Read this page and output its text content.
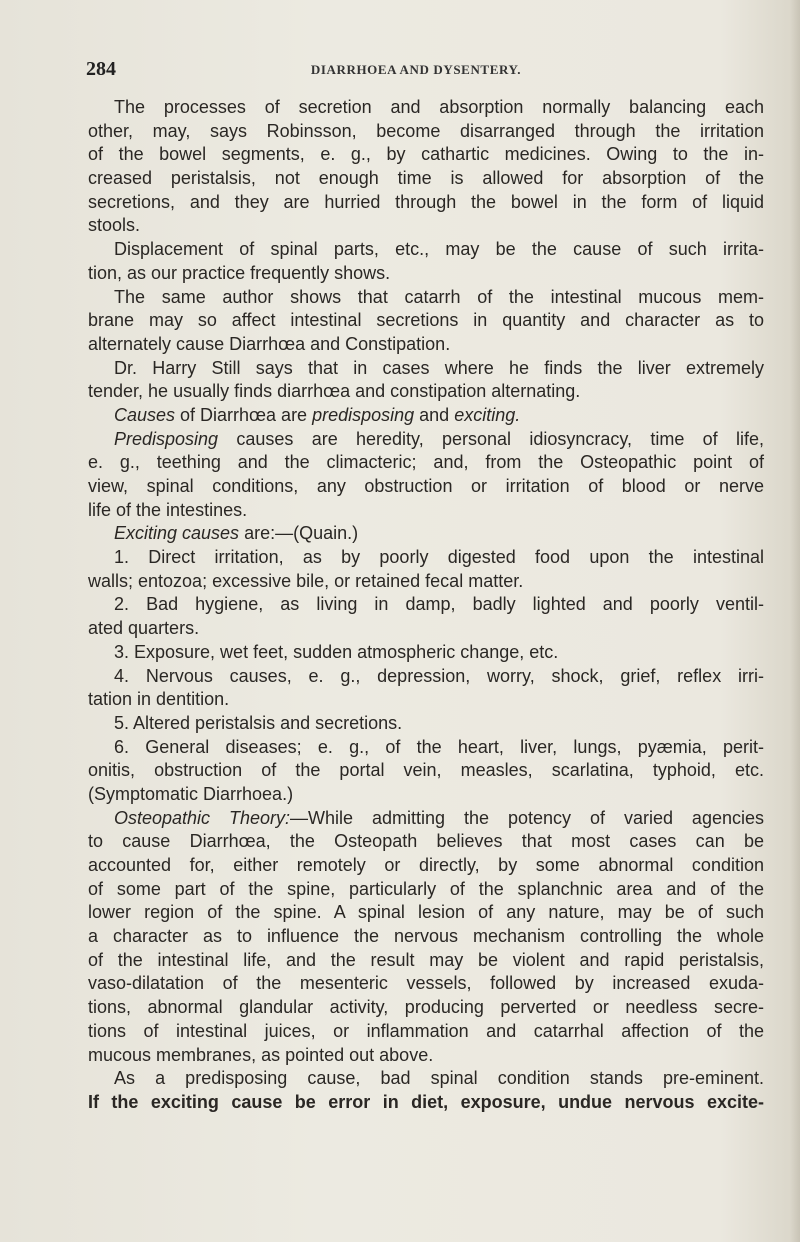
284	DIARRHOEA AND DYSENTERY.
The processes of secretion and absorption normally balancing each
other, may, says Robinsson, become disarranged through the irritation
of the bowel segments, e. g., by cathartic medicines. Owing to the in-
creased peristalsis, not enough time is allowed for absorption of the
secretions, and they are hurried through the bowel in the form of liquid
stools.
Displacement of spinal parts, etc., may be the cause of such irrita-
tion, as our practice frequently shows.
The same author shows that catarrh of the intestinal mucous mem-
brane may so affect intestinal secretions in quantity and character as to
alternately cause Diarrhœa and Constipation.
Dr. Harry Still says that in cases where he finds the liver extremely
tender, he usually finds diarrhœa and constipation alternating.
Causes of Diarrhœa are predisposing and exciting.
Predisposing causes are heredity, personal idiosyncracy, time of life,
e. g., teething and the climacteric; and, from the Osteopathic point of
view, spinal conditions, any obstruction or irritation of blood or nerve
life of the intestines.
Exciting causes are:—(Quain.)
1. Direct irritation, as by poorly digested food upon the intestinal
walls; entozoa; excessive bile, or retained fecal matter.
2. Bad hygiene, as living in damp, badly lighted and poorly ventil-
ated quarters.
3. Exposure, wet feet, sudden atmospheric change, etc.
4. Nervous causes, e. g., depression, worry, shock, grief, reflex irri-
tation in dentition.
5. Altered peristalsis and secretions.
6. General diseases; e. g., of the heart, liver, lungs, pyæmia, perit-
onitis, obstruction of the portal vein, measles, scarlatina, typhoid, etc.
(Symptomatic Diarrhoea.)
Osteopathic Theory:—While admitting the potency of varied agencies
to cause Diarrhœa, the Osteopath believes that most cases can be
accounted for, either remotely or directly, by some abnormal condition
of some part of the spine, particularly of the splanchnic area and of the
lower region of the spine. A spinal lesion of any nature, may be of such
a character as to influence the nervous mechanism controlling the whole
of the intestinal life, and the result may be violent and rapid peristalsis,
vaso-dilatation of the mesenteric vessels, followed by increased exuda-
tions, abnormal glandular activity, producing perverted or needless secre-
tions of intestinal juices, or inflammation and catarrhal affection of the
mucous membranes, as pointed out above.
As a predisposing cause, bad spinal condition stands pre-eminent.
If the exciting cause be error in diet, exposure, undue nervous excite-
